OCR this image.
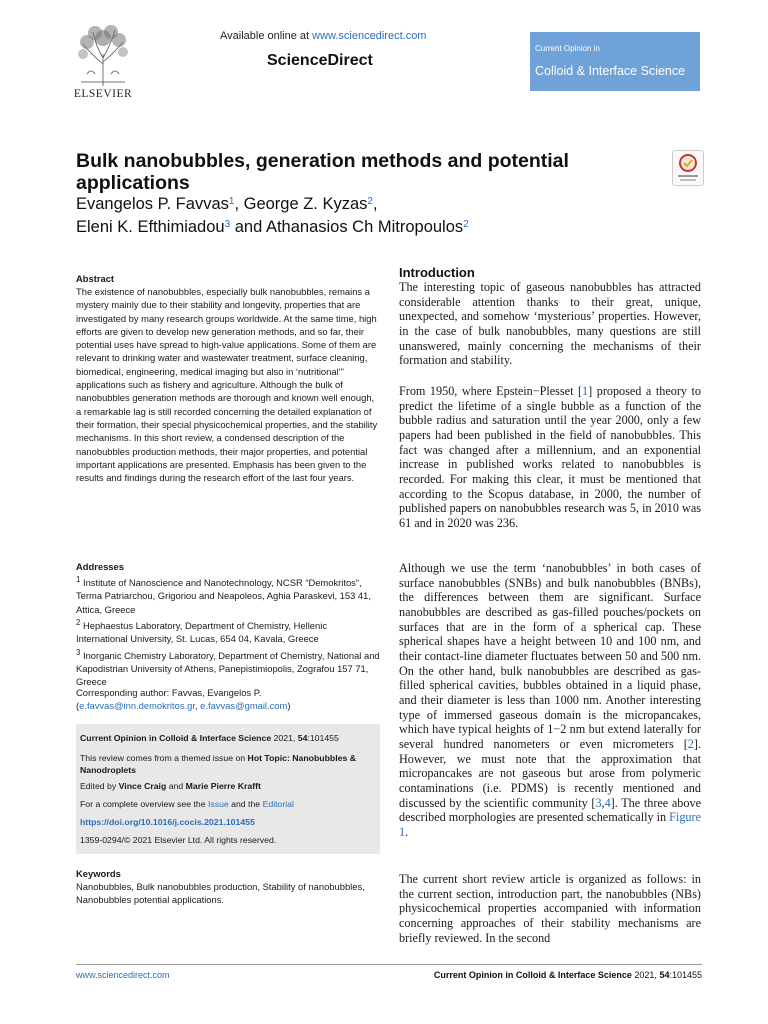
ELSEVIER
Available online at www.sciencedirect.com
ScienceDirect
Current Opinion in
Colloid & Interface Science
Bulk nanobubbles, generation methods and potential applications
Evangelos P. Favvas$^1$, George Z. Kyzas$^2$,
Eleni K. Efthimiadou$^3$ and Athanasios Ch Mitropoulos$^2$
Abstract
The existence of nanobubbles, especially bulk nanobubbles, remains a mystery mainly due to their stability and longevity, properties that are investigated by many research groups worldwide. At the same time, high efforts are given to develop new generation methods, and so far, their potential uses have spread to high-value applications. Some of them are relevant to drinking water and wastewater treatment, surface cleaning, biomedical, engineering, medical imaging but also in ‘nutritional’” applications such as fishery and agriculture. Although the bulk of nanobubbles generation methods are thorough and known well enough, a remarkable lag is still recorded concerning the detailed explanation of their formation, their special physicochemical properties, and the stability mechanisms. In this short review, a condensed description of the nanobubbles production methods, their major properties, and potential important applications are presented. Emphasis has been given to the results and findings during the research effort of the last four years.
Addresses
$^1$ Institute of Nanoscience and Nanotechnology, NCSR “Demokritos”, Terma Patriarchou, Grigoriou and Neapoleos, Aghia Paraskevi, 153 41, Attica, Greece
$^2$ Hephaestus Laboratory, Department of Chemistry, Hellenic International University, St. Lucas, 654 04, Kavala, Greece
$^3$ Inorganic Chemistry Laboratory, Department of Chemistry, National and Kapodistrian University of Athens, Panepistimiopolis, Zografou 157 71, Greece
Corresponding author: Favvas, Evangelos P. (e.favvas@inn.demokritos.gr, e.favvas@gmail.com)
Current Opinion in Colloid & Interface Science 2021, 54:101455
This review comes from a themed issue on Hot Topic: Nanobubbles & Nanodroplets
Edited by Vince Craig and Marie Pierre Krafft
For a complete overview see the Issue and the Editorial
https://doi.org/10.1016/j.cocis.2021.101455
1359-0294/© 2021 Elsevier Ltd. All rights reserved.
Keywords
Nanobubbles, Bulk nanobubbles production, Stability of nanobubbles, Nanobubbles potential applications.
Introduction
The interesting topic of gaseous nanobubbles has attracted considerable attention thanks to their great, unique, unexpected, and somehow ‘mysterious’ properties. However, in the case of bulk nanobubbles, many questions are still unanswered, mainly concerning the mechanisms of their formation and stability.
From 1950, where Epstein−Plesset [1] proposed a theory to predict the lifetime of a single bubble as a function of the bubble radius and saturation until the year 2000, only a few papers had been published in the field of nanobubbles. This fact was changed after a millennium, and an exponential increase in published works related to nanobubbles is recorded. For making this clear, it must be mentioned that according to the Scopus database, in 2000, the number of published papers on nanobubbles research was 5, in 2010 was 61 and in 2020 was 236.
Although we use the term ‘nanobubbles’ in both cases of surface nanobubbles (SNBs) and bulk nanobubbles (BNBs), the differences between them are significant. Surface nanobubbles are described as gas-filled pouches/pockets on surfaces that are in the form of a spherical cap. These spherical shapes have a height between 10 and 100 nm, and their contact-line diameter fluctuates between 50 and 500 nm. On the other hand, bulk nanobubbles are described as gas-filled spherical cavities, bubbles obtained in a liquid phase, and their diameter is less than 1000 nm. Another interesting type of immersed gaseous domain is the micropancakes, which have typical heights of 1−2 nm but extend laterally for several hundred nanometers or even micrometers [2]. However, we must note that the approximation that micropancakes are not gaseous but arose from polymeric contaminations (i.e. PDMS) is recently mentioned and discussed by the scientific community [3,4]. The three above described morphologies are presented schematically in Figure 1.
The current short review article is organized as follows: in the current section, introduction part, the nanobubbles (NBs) physicochemical properties accompanied with information concerning approaches of their stability mechanisms are briefly reviewed. In the second
www.sciencedirect.com	Current Opinion in Colloid & Interface Science 2021, 54:101455
